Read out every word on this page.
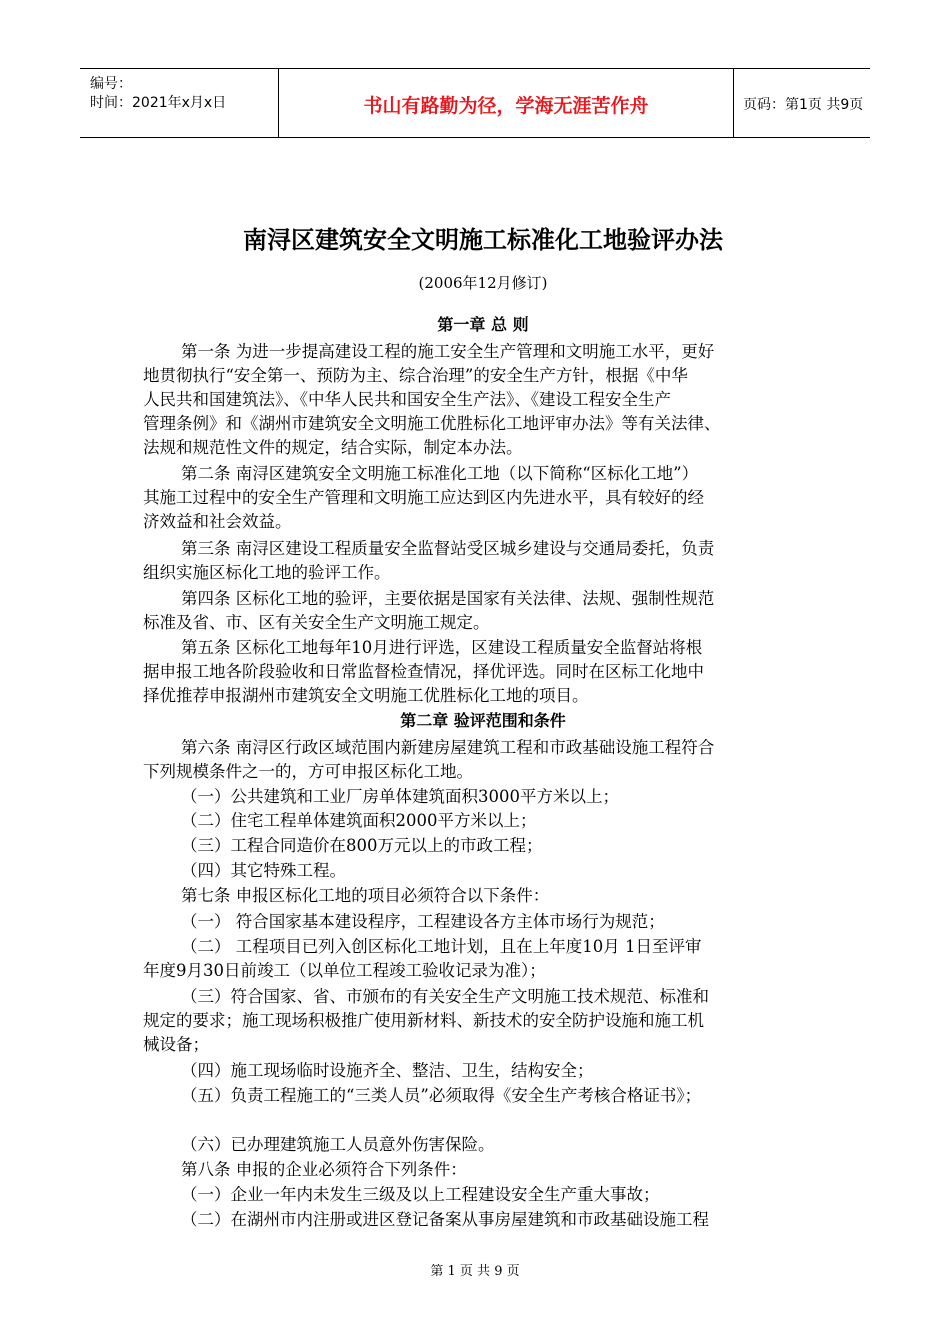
编号：
时间：2021年x月x日	书山有路勤为径，学海无涯苦作舟	页码：第1页 共9页
南浔区建筑安全文明施工标准化工地验评办法
(2006年12月修订)
第一章 总 则
第一条 为进一步提高建设工程的施工安全生产管理和文明施工水平，更好
地贯彻执行“安全第一、预防为主、综合治理”的安全生产方针，根据《中华
人民共和国建筑法》、《中华人民共和国安全生产法》、《建设工程安全生产
管理条例》和《湖州市建筑安全文明施工优胜标化工地评审办法》等有关法律、
法规和规范性文件的规定，结合实际，制定本办法。
第二条 南浔区建筑安全文明施工标准化工地（以下简称“区标化工地”）
其施工过程中的安全生产管理和文明施工应达到区内先进水平，具有较好的经
济效益和社会效益。
第三条 南浔区建设工程质量安全监督站受区城乡建设与交通局委托，负责
组织实施区标化工地的验评工作。
第四条 区标化工地的验评，主要依据是国家有关法律、法规、强制性规范
标准及省、市、区有关安全生产文明施工规定。
第五条 区标化工地每年10月进行评选，区建设工程质量安全监督站将根
据申报工地各阶段验收和日常监督检查情况，择优评选。同时在区标工化地中
择优推荐申报湖州市建筑安全文明施工优胜标化工地的项目。
第二章 验评范围和条件
第六条 南浔区行政区域范围内新建房屋建筑工程和市政基础设施工程符合
下列规模条件之一的，方可申报区标化工地。
（一）公共建筑和工业厂房单体建筑面积3000平方米以上；
（二）住宅工程单体建筑面积2000平方米以上；
（三）工程合同造价在800万元以上的市政工程；
（四）其它特殊工程。
第七条 申报区标化工地的项目必须符合以下条件：
（一） 符合国家基本建设程序，工程建设各方主体市场行为规范；
（二） 工程项目已列入创区标化工地计划，且在上年度10月 1日至评审
年度9月30日前竣工（以单位工程竣工验收记录为准）；
（三）符合国家、省、市颁布的有关安全生产文明施工技术规范、标准和
规定的要求；施工现场积极推广使用新材料、新技术的安全防护设施和施工机
械设备；
（四）施工现场临时设施齐全、整洁、卫生，结构安全；
（五）负责工程施工的“三类人员”必须取得《安全生产考核合格证书》；
（六）已办理建筑施工人员意外伤害保险。
第八条 申报的企业必须符合下列条件：
（一）企业一年内未发生三级及以上工程建设安全生产重大事故；
（二）在湖州市内注册或进区登记备案从事房屋建筑和市政基础设施工程
第 1 页 共 9 页
